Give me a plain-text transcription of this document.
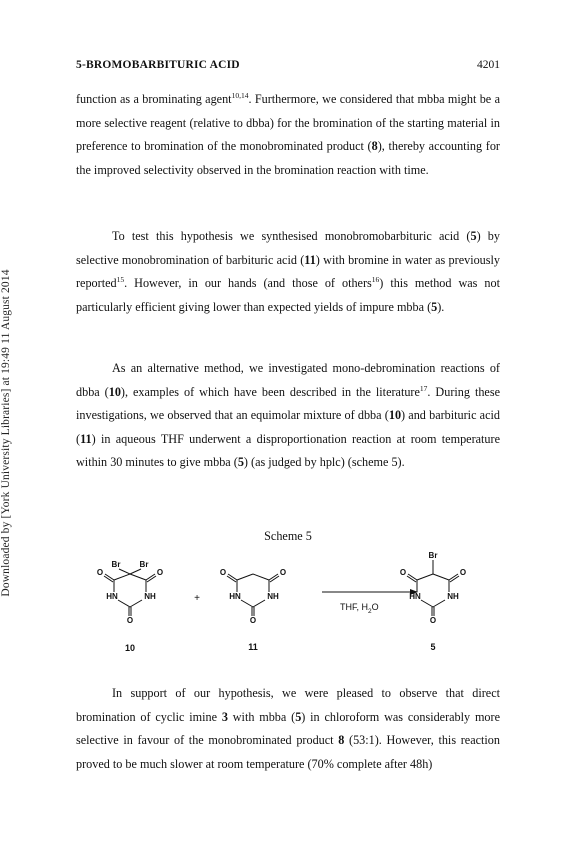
5-BROMOBARBITURIC ACID	4201
Downloaded by [York University Libraries] at 19:49 11 August 2014
function as a brominating agent$^{10,14}$. Furthermore, we considered that mbba might be a more selective reagent (relative to dbba) for the bromination of the starting material in preference to bromination of the monobrominated product (8), thereby accounting for the improved selectivity observed in the bromination reaction with time.
To test this hypothesis we synthesised monobromobarbituric acid (5) by selective monobromination of barbituric acid (11) with bromine in water as previously reported$^{15}$. However, in our hands (and those of others$^{16}$) this method was not particularly efficient giving lower than expected yields of impure mbba (5).
As an alternative method, we investigated mono-debromination reactions of dbba (10), examples of which have been described in the literature$^{17}$. During these investigations, we observed that an equimolar mixture of dbba (10) and barbituric acid (11) in aqueous THF underwent a disproportionation reaction at room temperature within 30 minutes to give mbba (5) (as judged by hplc) (scheme 5).
Scheme 5
Br Br
O	O
HN	NH
O
O	O
HN	NH
O
Br
O	O
HN	NH
O
+
THF, $H_2O$
10	11	5
In support of our hypothesis, we were pleased to observe that direct bromination of cyclic imine 3 with mbba (5) in chloroform was considerably more selective in favour of the monobrominated product 8 (53:1). However, this reaction proved to be much slower at room temperature (70% complete after 48h)
